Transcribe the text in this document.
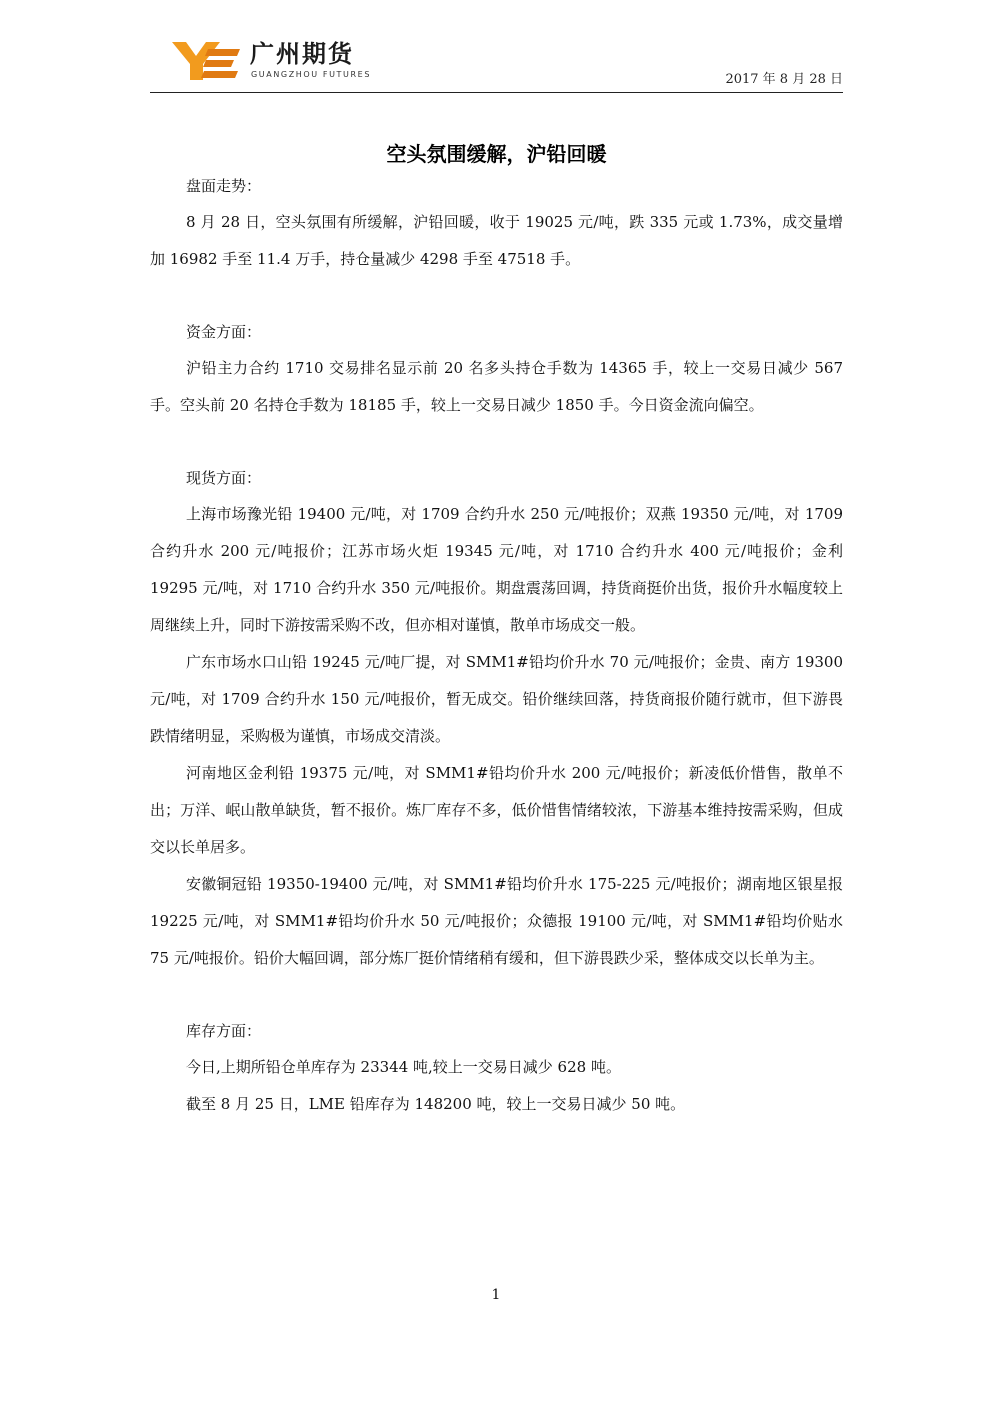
广州期货
GUANGZHOU FUTURES	2017 年 8 月 28 日
空头氛围缓解，沪铅回暖

盘面走势：

8 月 28 日，空头氛围有所缓解，沪铅回暖，收于 19025 元/吨，跌 335 元或 1.73%，成交量增加 16982 手至 11.4 万手，持仓量减少 4298 手至 47518 手。

资金方面：

沪铅主力合约 1710 交易排名显示前 20 名多头持仓手数为 14365 手，较上一交易日减少 567 手。空头前 20 名持仓手数为 18185 手，较上一交易日减少 1850 手。今日资金流向偏空。

现货方面：

上海市场豫光铅 19400 元/吨，对 1709 合约升水 250 元/吨报价；双燕 19350 元/吨，对 1709 合约升水 200 元/吨报价；江苏市场火炬 19345 元/吨，对 1710 合约升水 400 元/吨报价；金利 19295 元/吨，对 1710 合约升水 350 元/吨报价。期盘震荡回调，持货商挺价出货，报价升水幅度较上周继续上升，同时下游按需采购不改，但亦相对谨慎，散单市场成交一般。

广东市场水口山铅 19245 元/吨厂提，对 SMM1#铅均价升水 70 元/吨报价；金贵、南方 19300 元/吨，对 1709 合约升水 150 元/吨报价，暂无成交。铅价继续回落，持货商报价随行就市，但下游畏跌情绪明显，采购极为谨慎，市场成交清淡。

河南地区金利铅 19375 元/吨，对 SMM1#铅均价升水 200 元/吨报价；新凌低价惜售，散单不出；万洋、岷山散单缺货，暂不报价。炼厂库存不多，低价惜售情绪较浓，下游基本维持按需采购，但成交以长单居多。

安徽铜冠铅 19350-19400 元/吨，对 SMM1#铅均价升水 175-225 元/吨报价；湖南地区银星报 19225 元/吨，对 SMM1#铅均价升水 50 元/吨报价；众德报 19100 元/吨，对 SMM1#铅均价贴水 75 元/吨报价。铅价大幅回调，部分炼厂挺价情绪稍有缓和，但下游畏跌少采，整体成交以长单为主。

库存方面：

今日,上期所铅仓单库存为 23344 吨,较上一交易日减少 628 吨。

截至 8 月 25 日，LME 铅库存为 148200 吨，较上一交易日减少 50 吨。

1
